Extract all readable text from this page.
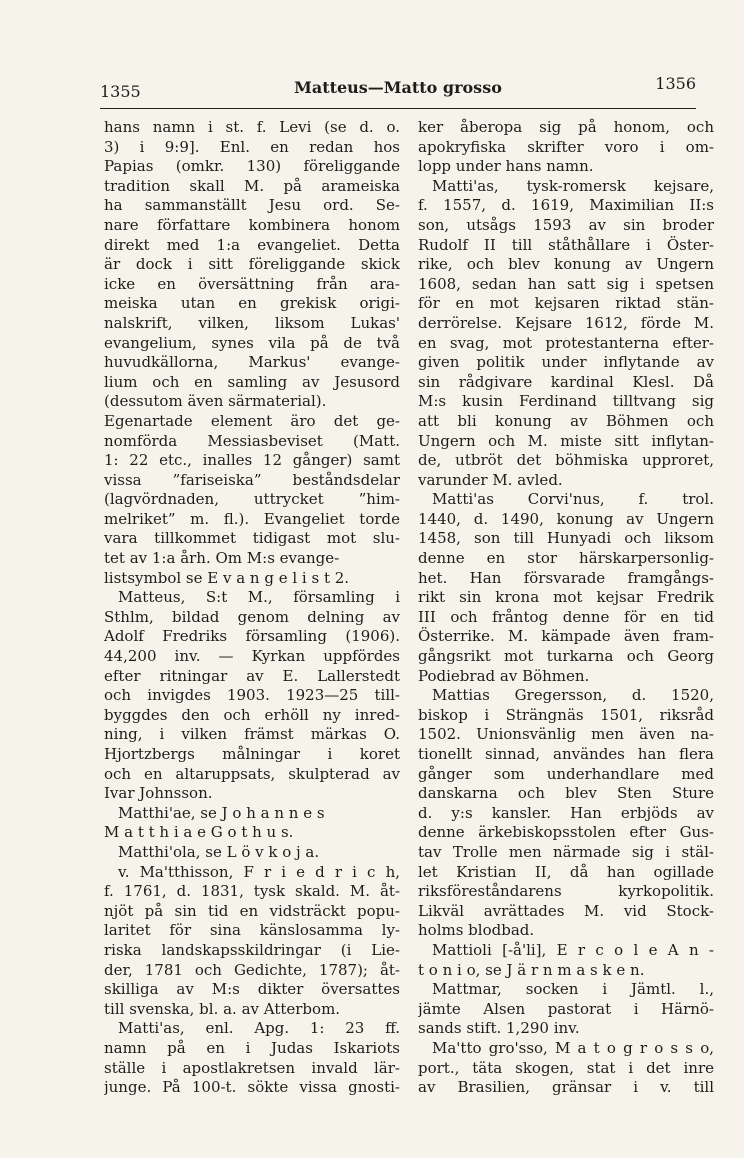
1355	Matteus—Matto grosso	1356
hans namn i st. f. Levi (se d. o.
3) i 9:9]. Enl. en redan hos
Papias (omkr. 130) föreliggande
tradition skall M. på arameiska
ha sammanställt Jesu ord. Se-
nare författare kombinera honom
direkt med 1:a evangeliet. Detta
är dock i sitt föreliggande skick
icke en översättning från ara-
meiska utan en grekisk origi-
nalskrift, vilken, liksom Lukas'
evangelium, synes vila på de två
huvudkällorna, Markus' evange-
lium och en samling av Jesusord
(dessutom även särmaterial).
Egenartade element äro det ge-
nomförda Messiasbeviset (Matt.
1: 22 etc., inalles 12 gånger) samt
vissa ”fariseiska” beståndsdelar
(lagvördnaden, uttrycket ”him-
melriket” m. fl.). Evangeliet torde
vara tillkommet tidigast mot slu-
tet av 1:a årh. Om M:s evange-
listsymbol se E v a n g e l i s t 2.
Matteus, S:t M., församling i
Sthlm, bildad genom delning av
Adolf Fredriks församling (1906).
44,200 inv. — Kyrkan uppfördes
efter ritningar av E. Lallerstedt
och invigdes 1903. 1923—25 till-
byggdes den och erhöll ny inred-
ning, i vilken främst märkas O.
Hjortzbergs målningar i koret
och en altaruppsats, skulpterad av
Ivar Johnsson.
Matthi'ae, se J o h a n n e s
M a t t h i a e G o t h u s.
Matthi'ola, se L ö v k o j a.
v. Ma'tthisson, F r i e d r i c h,
f. 1761, d. 1831, tysk skald. M. åt-
njöt på sin tid en vidsträckt popu-
laritet för sina känslosamma ly-
riska landskapsskildringar (i Lie-
der, 1781 och Gedichte, 1787); åt-
skilliga av M:s dikter översattes
till svenska, bl. a. av Atterbom.
Matti'as, enl. Apg. 1: 23 ff.
namn på en i Judas Iskariots
ställe i apostlakretsen invald lär-
junge. På 100-t. sökte vissa gnosti-
ker åberopa sig på honom, och
apokryfiska skrifter voro i om-
lopp under hans namn.
Matti'as, tysk-romersk kejsare,
f. 1557, d. 1619, Maximilian II:s
son, utsågs 1593 av sin broder
Rudolf II till ståthållare i Öster-
rike, och blev konung av Ungern
1608, sedan han satt sig i spetsen
för en mot kejsaren riktad stän-
derrörelse. Kejsare 1612, förde M.
en svag, mot protestanterna efter-
given politik under inflytande av
sin rådgivare kardinal Klesl. Då
M:s kusin Ferdinand tilltvang sig
att bli konung av Böhmen och
Ungern och M. miste sitt inflytan-
de, utbröt det böhmiska upproret,
varunder M. avled.
Matti'as Corvi'nus, f. trol.
1440, d. 1490, konung av Ungern
1458, son till Hunyadi och liksom
denne en stor härskarpersonlig-
het. Han försvarade framgångs-
rikt sin krona mot kejsar Fredrik
III och fråntog denne för en tid
Österrike. M. kämpade även fram-
gångsrikt mot turkarna och Georg
Podiebrad av Böhmen.
Mattias Gregersson, d. 1520,
biskop i Strängnäs 1501, riksråd
1502. Unionsvänlig men även na-
tionellt sinnad, användes han flera
gånger som underhandlare med
danskarna och blev Sten Sture
d. y:s kansler. Han erbjöds av
denne ärkebiskopsstolen efter Gus-
tav Trolle men närmade sig i stäl-
let Kristian II, då han ogillade
riksföreståndarens kyrkopolitik.
Likväl avrättades M. vid Stock-
holms blodbad.
Mattioli [-å'li], E r c o l e A n -
t o n i o, se J ä r n m a s k e n.
Mattmar, socken i Jämtl. l.,
jämte Alsen pastorat i Härnö-
sands stift. 1,290 inv.
Ma'tto gro'sso, M a t o g r o s s o,
port., täta skogen, stat i det inre
av Brasilien, gränsar i v. till
